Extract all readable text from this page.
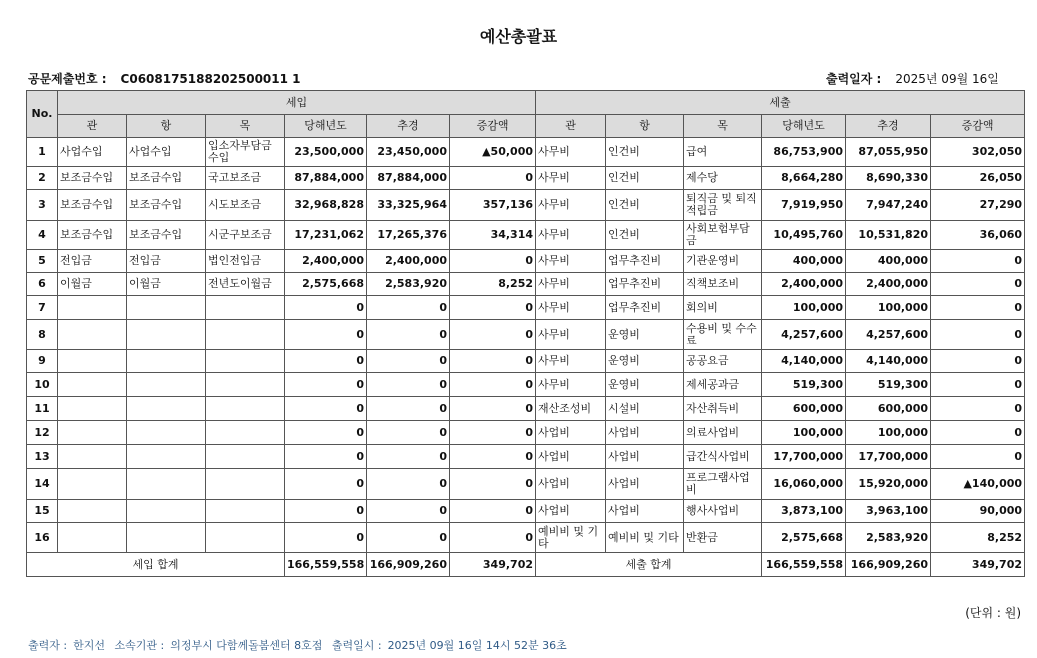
예산총괄표
공문제출번호 : C0608175188202500011 1	출력일자 : 2025년 09월 16일
No.	세입						세출					
	관	항	목	당해년도	추경	증감액	관	항	목	당해년도	추경	증감액
1	사업수입	사업수입	입소자부담금수입	23,500,000	23,450,000	▲50,000	사무비	인건비	급여	86,753,900	87,055,950	302,050
2	보조금수입	보조금수입	국고보조금	87,884,000	87,884,000	0	사무비	인건비	제수당	8,664,280	8,690,330	26,050
3	보조금수입	보조금수입	시도보조금	32,968,828	33,325,964	357,136	사무비	인건비	퇴직금 및 퇴직적립금	7,919,950	7,947,240	27,290
4	보조금수입	보조금수입	시군구보조금	17,231,062	17,265,376	34,314	사무비	인건비	사회보험부담금	10,495,760	10,531,820	36,060
5	전입금	전입금	법인전입금	2,400,000	2,400,000	0	사무비	업무추진비	기관운영비	400,000	400,000	0
6	이월금	이월금	전년도이월금	2,575,668	2,583,920	8,252	사무비	업무추진비	직책보조비	2,400,000	2,400,000	0
7				0	0	0	사무비	업무추진비	회의비	100,000	100,000	0
8				0	0	0	사무비	운영비	수용비 및 수수료	4,257,600	4,257,600	0
9				0	0	0	사무비	운영비	공공요금	4,140,000	4,140,000	0
10				0	0	0	사무비	운영비	제세공과금	519,300	519,300	0
11				0	0	0	재산조성비	시설비	자산취득비	600,000	600,000	0
12				0	0	0	사업비	사업비	의료사업비	100,000	100,000	0
13				0	0	0	사업비	사업비	급간식사업비	17,700,000	17,700,000	0
14				0	0	0	사업비	사업비	프로그램사업비	16,060,000	15,920,000	▲140,000
15				0	0	0	사업비	사업비	행사사업비	3,873,100	3,963,100	90,000
16				0	0	0	예비비 및 기타	예비비 및 기타	반환금	2,575,668	2,583,920	8,252
세입 합계				166,559,558	166,909,260	349,702	세출 합계			166,559,558	166,909,260	349,702
(단위 : 원)
출력자 : 한지선 소속기관 : 의정부시 다함께돌봄센터 8호점 출력일시 : 2025년 09월 16일 14시 52분 36초
